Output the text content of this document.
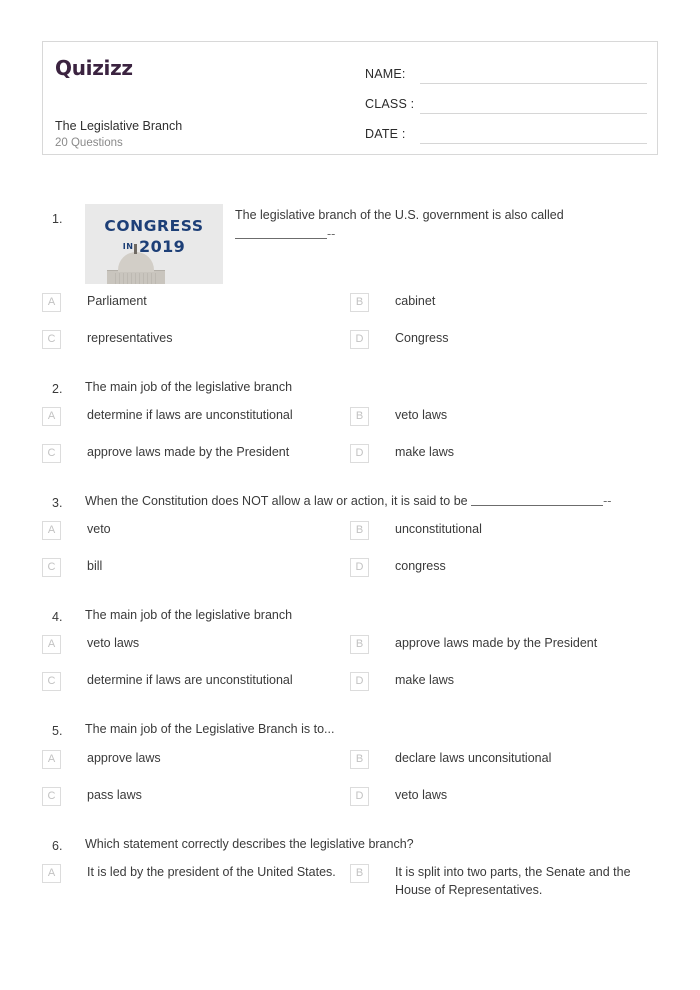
Quizizz
The Legislative Branch
20 Questions
NAME:
CLASS :
DATE :
1.	CONGRESS
IN 2019
The legislative branch of the U.S. government is also called --
A	Parliament	B	cabinet
C	representatives	D	Congress
2.	The main job of the legislative branch
A	determine if laws are unconstitutional	B	veto laws
C	approve laws made by the President	D	make laws
3.	When the Constitution does NOT allow a law or action, it is said to be	--
A	veto	B	unconstitutional
C	bill	D	congress
4.	The main job of the legislative branch
A	veto laws	B	approve laws made by the President
C	determine if laws are unconstitutional	D	make laws
5.	The main job of the Legislative Branch is to...
A	approve laws	B	declare laws unconsitutional
C	pass laws	D	veto laws
6.	Which statement correctly describes the legislative branch?
A	It is led by the president of the United States.	B	It is split into two parts, the Senate and the House of Representatives.
